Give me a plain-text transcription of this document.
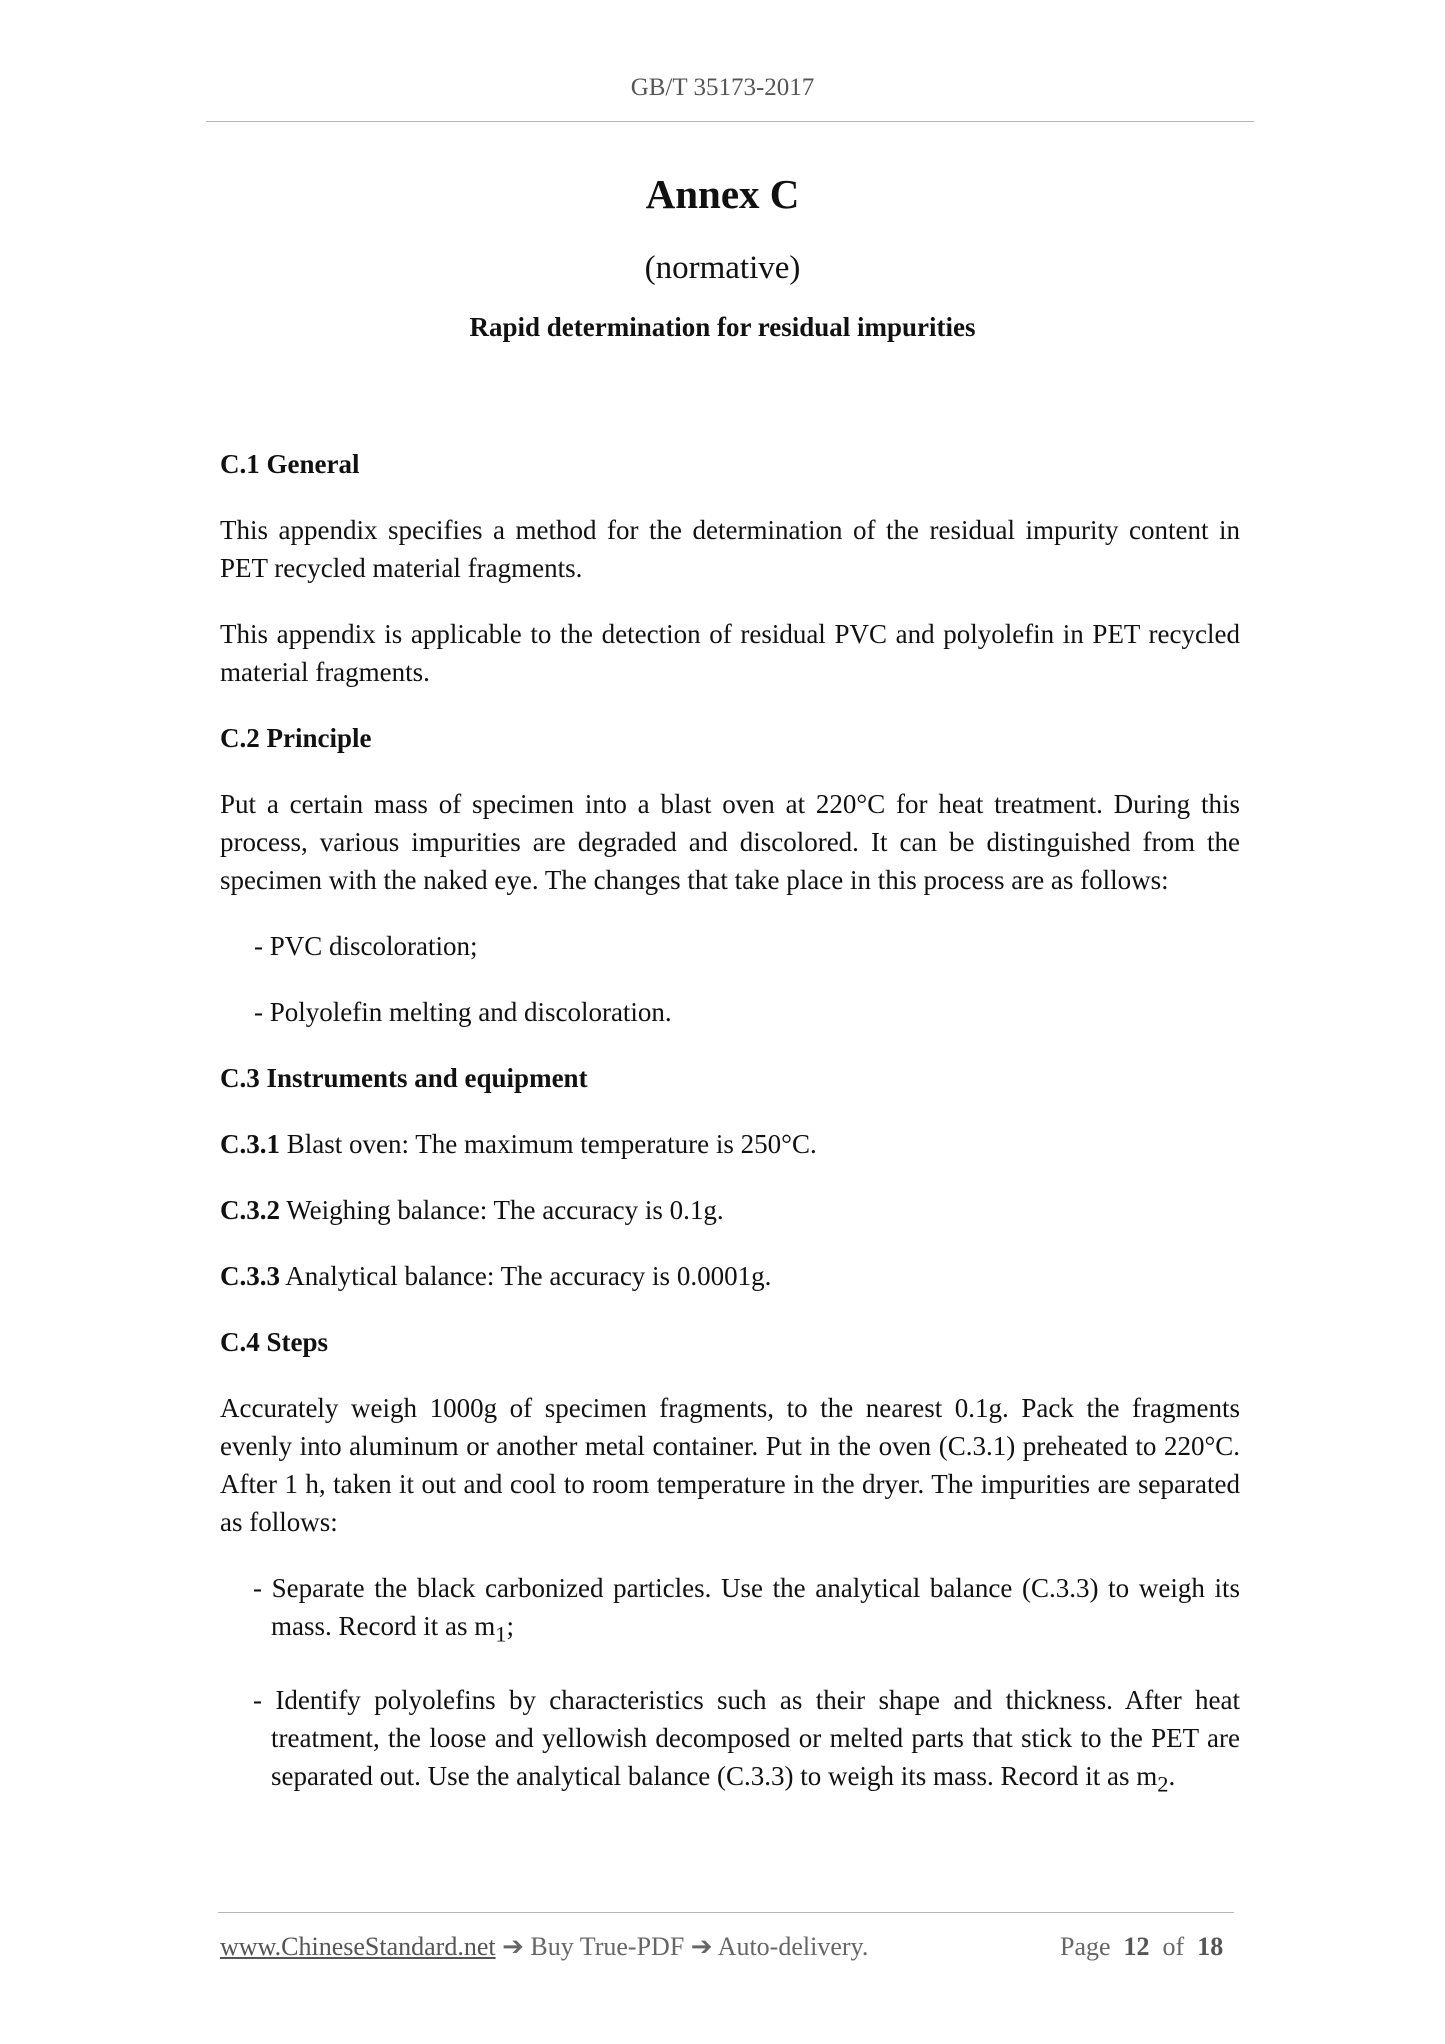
GB/T 35173-2017
Annex C
(normative)
Rapid determination for residual impurities

C.1 General

This appendix specifies a method for the determination of the residual impurity content in PET recycled material fragments.

This appendix is applicable to the detection of residual PVC and polyolefin in PET recycled material fragments.

C.2 Principle

Put a certain mass of specimen into a blast oven at 220°C for heat treatment. During this process, various impurities are degraded and discolored. It can be distinguished from the specimen with the naked eye. The changes that take place in this process are as follows:

- PVC discoloration;

- Polyolefin melting and discoloration.

C.3 Instruments and equipment

C.3.1 Blast oven: The maximum temperature is 250°C.

C.3.2 Weighing balance: The accuracy is 0.1g.

C.3.3 Analytical balance: The accuracy is 0.0001g.

C.4 Steps

Accurately weigh 1000g of specimen fragments, to the nearest 0.1g. Pack the fragments evenly into aluminum or another metal container. Put in the oven (C.3.1) preheated to 220°C. After 1 h, taken it out and cool to room temperature in the dryer. The impurities are separated as follows:

- Separate the black carbonized particles. Use the analytical balance (C.3.3) to weigh its mass. Record it as $m_1$;

- Identify polyolefins by characteristics such as their shape and thickness. After heat treatment, the loose and yellowish decomposed or melted parts that stick to the PET are separated out. Use the analytical balance (C.3.3) to weigh its mass. Record it as $m_2$.

www.ChineseStandard.net ➔ Buy True-PDF ➔ Auto-delivery.	Page 12 of 18
